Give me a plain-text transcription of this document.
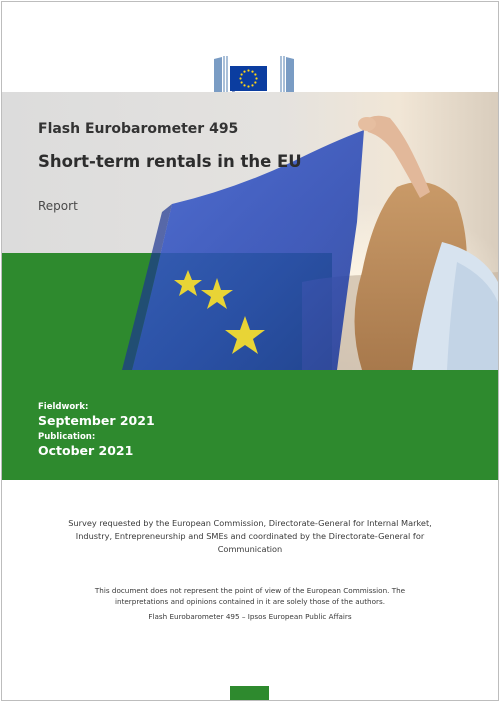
Flash Eurobarometer 495
Short-term rentals in the EU
Report
Fieldwork:
September 2021
Publication:
October 2021
Survey requested by the European Commission, Directorate-General for Internal Market,
Industry, Entrepreneurship and SMEs and coordinated by the Directorate-General for
Communication
This document does not represent the point of view of the European Commission. The
interpretations and opinions contained in it are solely those of the authors.
Flash Eurobarometer 495 – Ipsos European Public Affairs
